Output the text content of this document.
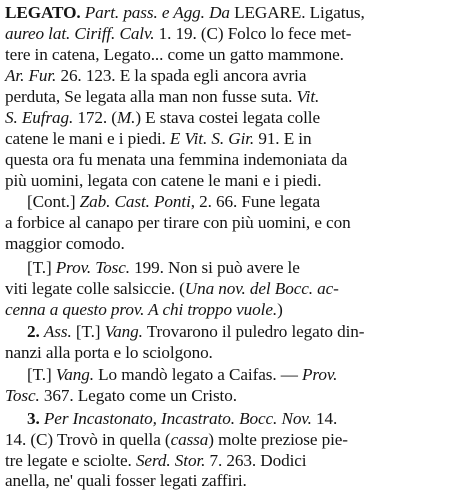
LEGATO. Part. pass. e Agg. Da LEGARE. Ligatus,
aureo lat. Ciriff. Calv. 1. 19. (C) Folco lo fece met-
tere in catena, Legato... come un gatto mammone.
Ar. Fur. 26. 123. E la spada egli ancora avria
perduta, Se legata alla man non fusse suta. Vit.
S. Eufrag. 172. (M.) E stava costei legata colle
catene le mani e i piedi. E Vit. S. Gir. 91. E in
questa ora fu menata una femmina indemoniata da
più uomini, legata con catene le mani e i piedi.
[Cont.] Zab. Cast. Ponti, 2. 66. Fune legata
a forbice al canapo per tirare con più uomini, e con
maggior comodo.
[T.] Prov. Tosc. 199. Non si può avere le
viti legate colle salsiccie. (Una nov. del Bocc. ac-
cenna a questo prov. A chi troppo vuole.)
2. Ass. [T.] Vang. Trovarono il puledro legato din-
nanzi alla porta e lo sciolgono.
[T.] Vang. Lo mandò legato a Caifas. — Prov.
Tosc. 367. Legato come un Cristo.
3. Per Incastonato, Incastrato. Bocc. Nov. 14.
14. (C) Trovò in quella (cassa) molte preziose pie-
tre legate e sciolte. Serd. Stor. 7. 263. Dodici
anella, ne' quali fosser legati zaffiri.
